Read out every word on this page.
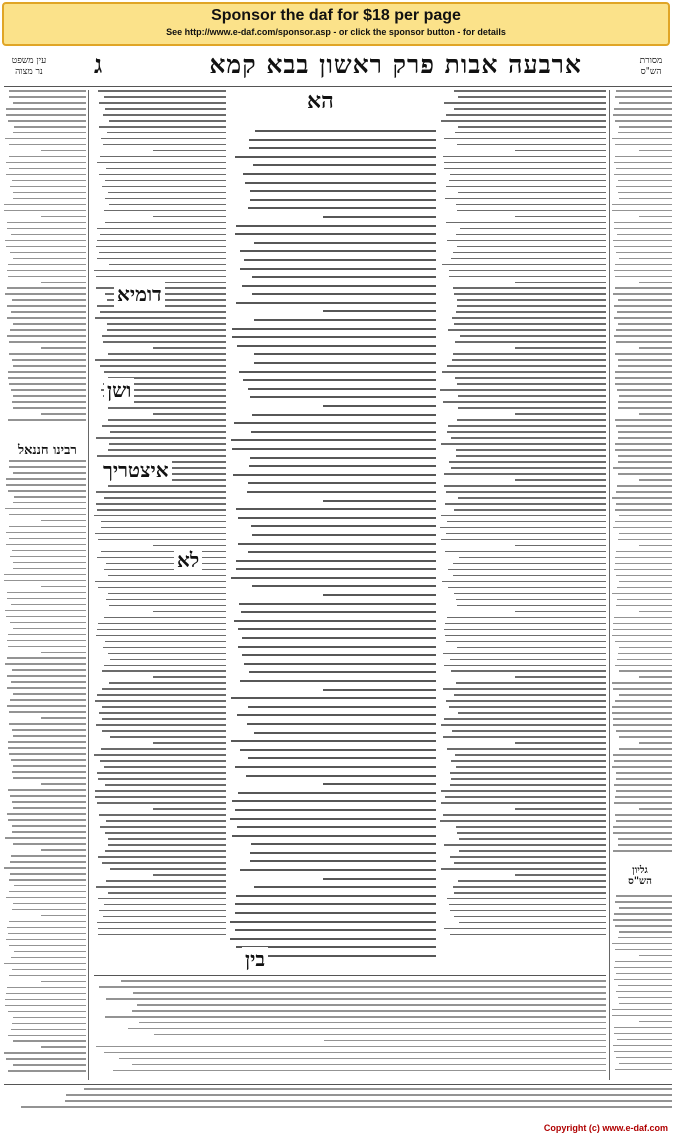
Sponsor the daf for $18 per page
See http://www.e-daf.com/sponsor.asp - or click the sponsor button - for details
ארבעה אבות פרק ראשון בבא קמא
ג	מסורת
הש"ס
עין משפט
נר מצוה
רבינו חננאל
גליון
הש"ס
הא
דומיא
ושן
איצטריך
לא
בין
Copyright (c) www.e-daf.com
